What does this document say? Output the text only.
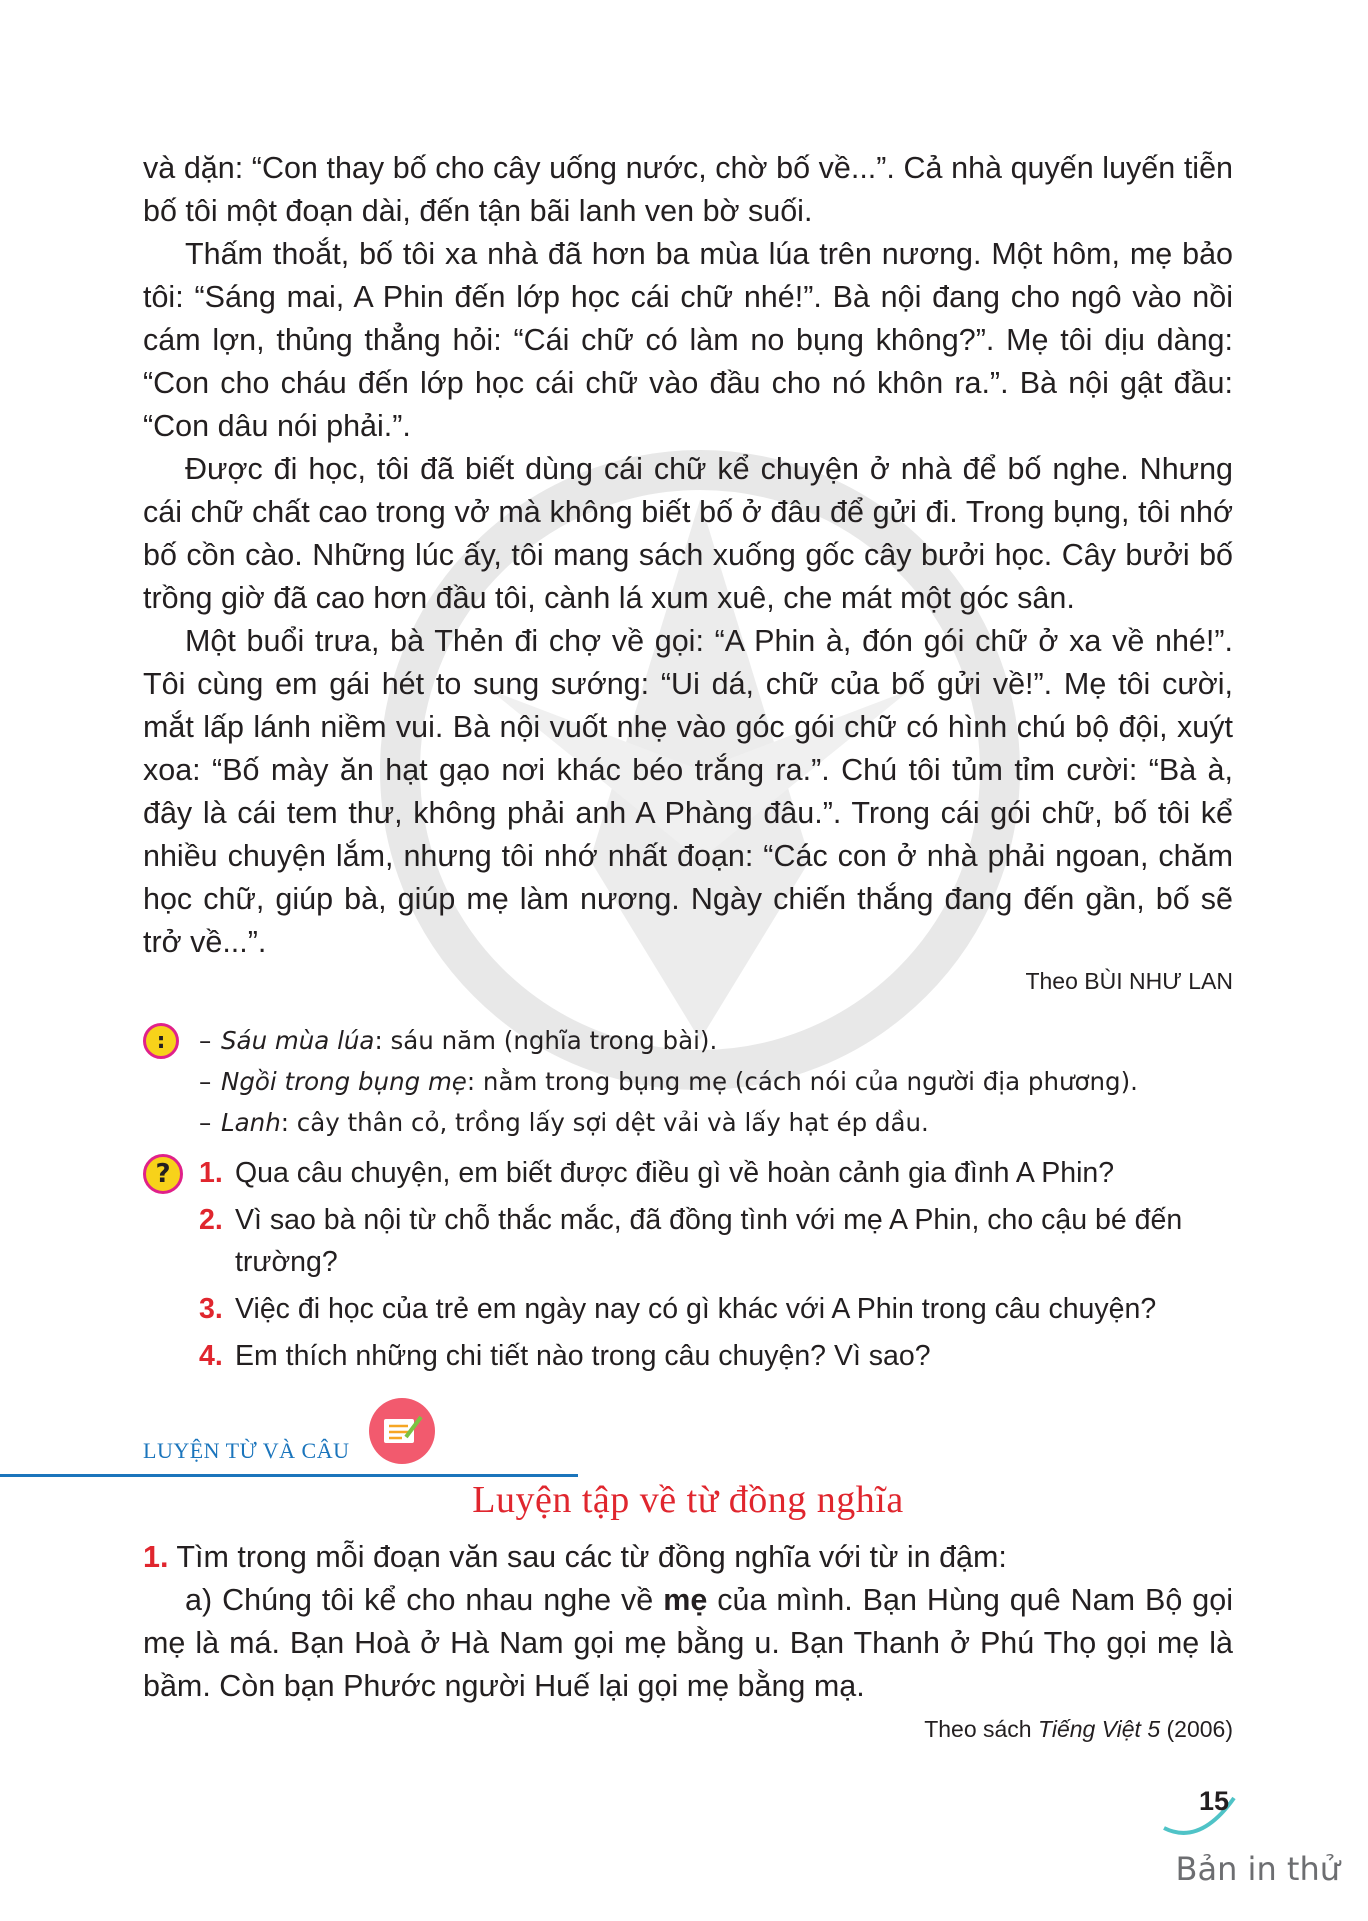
và dặn: “Con thay bố cho cây uống nước, chờ bố về...”. Cả nhà quyến luyến tiễn bố tôi một đoạn dài, đến tận bãi lanh ven bờ suối.

Thấm thoắt, bố tôi xa nhà đã hơn ba mùa lúa trên nương. Một hôm, mẹ bảo tôi: “Sáng mai, A Phin đến lớp học cái chữ nhé!”. Bà nội đang cho ngô vào nồi cám lợn, thủng thẳng hỏi: “Cái chữ có làm no bụng không?”. Mẹ tôi dịu dàng: “Con cho cháu đến lớp học cái chữ vào đầu cho nó khôn ra.”. Bà nội gật đầu: “Con dâu nói phải.”.

Được đi học, tôi đã biết dùng cái chữ kể chuyện ở nhà để bố nghe. Nhưng cái chữ chất cao trong vở mà không biết bố ở đâu để gửi đi. Trong bụng, tôi nhớ bố cồn cào. Những lúc ấy, tôi mang sách xuống gốc cây bưởi học. Cây bưởi bố trồng giờ đã cao hơn đầu tôi, cành lá xum xuê, che mát một góc sân.

Một buổi trưa, bà Thẻn đi chợ về gọi: “A Phin à, đón gói chữ ở xa về nhé!”. Tôi cùng em gái hét to sung sướng: “Ui dá, chữ của bố gửi về!”. Mẹ tôi cười, mắt lấp lánh niềm vui. Bà nội vuốt nhẹ vào góc gói chữ có hình chú bộ đội, xuýt xoa: “Bố mày ăn hạt gạo nơi khác béo trắng ra.”. Chú tôi tủm tỉm cười: “Bà à, đây là cái tem thư, không phải anh A Phàng đâu.”. Trong cái gói chữ, bố tôi kể nhiều chuyện lắm, nhưng tôi nhớ nhất đoạn: “Các con ở nhà phải ngoan, chăm học chữ, giúp bà, giúp mẹ làm nương. Ngày chiến thắng đang đến gần, bố sẽ trở về...”.

Theo BÙI NHƯ LAN
:	– Sáu mùa lúa: sáu năm (nghĩa trong bài).
– Ngồi trong bụng mẹ: nằm trong bụng mẹ (cách nói của người địa phương).
– Lanh: cây thân cỏ, trồng lấy sợi dệt vải và lấy hạt ép dầu.
? 1. Qua câu chuyện, em biết được điều gì về hoàn cảnh gia đình A Phin?
2. Vì sao bà nội từ chỗ thắc mắc, đã đồng tình với mẹ A Phin, cho cậu bé đến trường?
3. Việc đi học của trẻ em ngày nay có gì khác với A Phin trong câu chuyện?
4. Em thích những chi tiết nào trong câu chuyện? Vì sao?
LUYỆN TỪ VÀ CÂU
Luyện tập về từ đồng nghĩa

1. Tìm trong mỗi đoạn văn sau các từ đồng nghĩa với từ in đậm:

a) Chúng tôi kể cho nhau nghe về mẹ của mình. Bạn Hùng quê Nam Bộ gọi mẹ là má. Bạn Hoà ở Hà Nam gọi mẹ bằng u. Bạn Thanh ở Phú Thọ gọi mẹ là bầm. Còn bạn Phước người Huế lại gọi mẹ bằng mạ.

Theo sách Tiếng Việt 5 (2006)
15
Bản in thử
